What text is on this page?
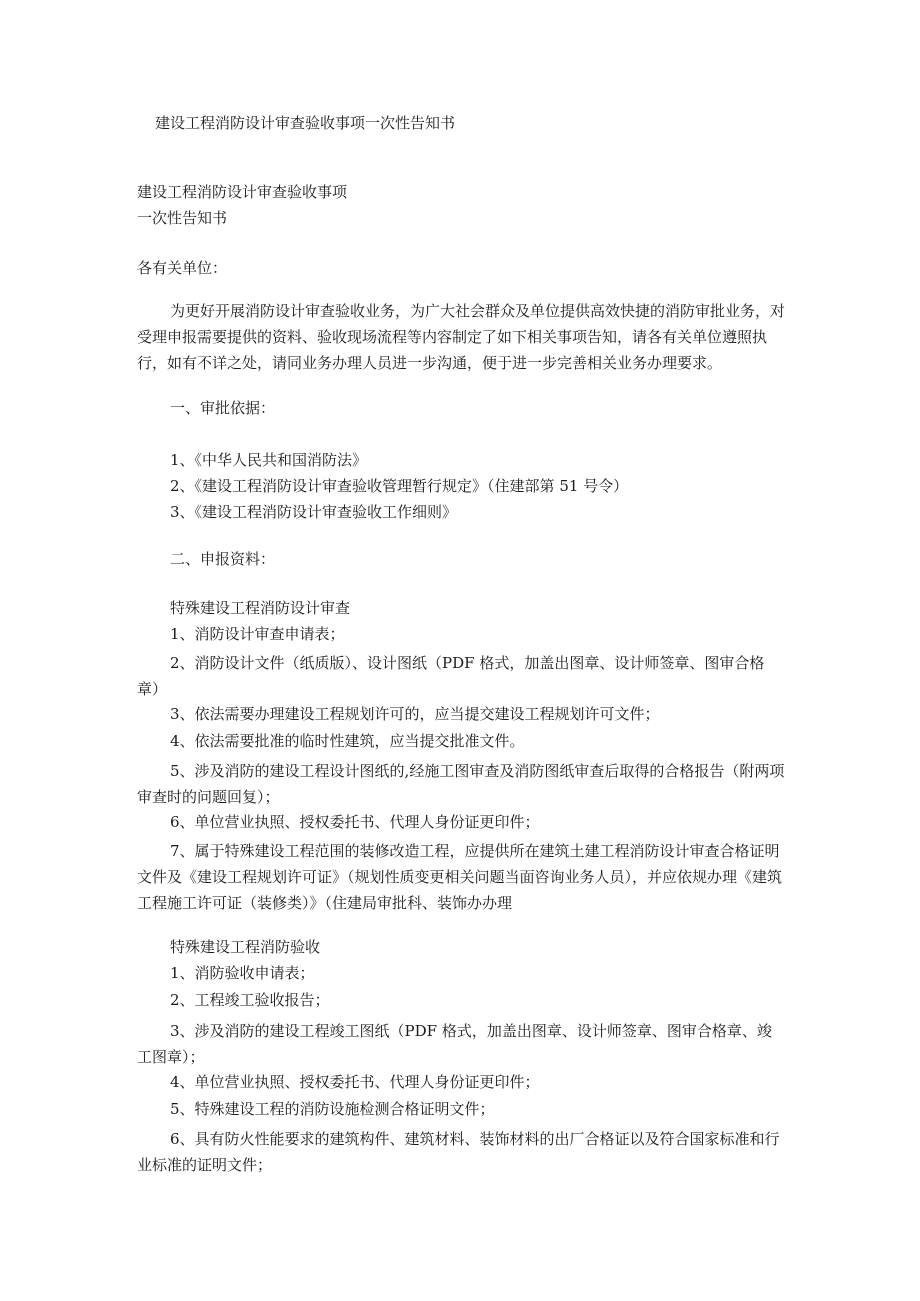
建设工程消防设计审查验收事项一次性告知书
建设工程消防设计审查验收事项
一次性告知书
各有关单位：
为更好开展消防设计审查验收业务，为广大社会群众及单位提供高效快捷的消防审批业务，对受理申报需要提供的资料、验收现场流程等内容制定了如下相关事项告知，请各有关单位遵照执行，如有不详之处，请同业务办理人员进一步沟通，便于进一步完善相关业务办理要求。
一、审批依据：
1、《中华人民共和国消防法》
2、《建设工程消防设计审查验收管理暂行规定》（住建部第 51 号令）
3、《建设工程消防设计审查验收工作细则》
二、申报资料：
特殊建设工程消防设计审查
1、消防设计审查申请表；
2、消防设计文件（纸质版）、设计图纸（PDF 格式，加盖出图章、设计师签章、图审合格章）
3、依法需要办理建设工程规划许可的，应当提交建设工程规划许可文件；
4、依法需要批准的临时性建筑，应当提交批准文件。
5、涉及消防的建设工程设计图纸的,经施工图审查及消防图纸审查后取得的合格报告（附两项审查时的问题回复）；
6、单位营业执照、授权委托书、代理人身份证更印件；
7、属于特殊建设工程范围的装修改造工程，应提供所在建筑土建工程消防设计审查合格证明文件及《建设工程规划许可证》（规划性质变更相关问题当面咨询业务人员），并应依规办理《建筑工程施工许可证（装修类）》（住建局审批科、装饰办办理
特殊建设工程消防验收
1、消防验收申请表；
2、工程竣工验收报告；
3、涉及消防的建设工程竣工图纸（PDF 格式，加盖出图章、设计师签章、图审合格章、竣工图章）；
4、单位营业执照、授权委托书、代理人身份证更印件；
5、特殊建设工程的消防设施检测合格证明文件；
6、具有防火性能要求的建筑构件、建筑材料、装饰材料的出厂合格证以及符合国家标准和行业标准的证明文件；
